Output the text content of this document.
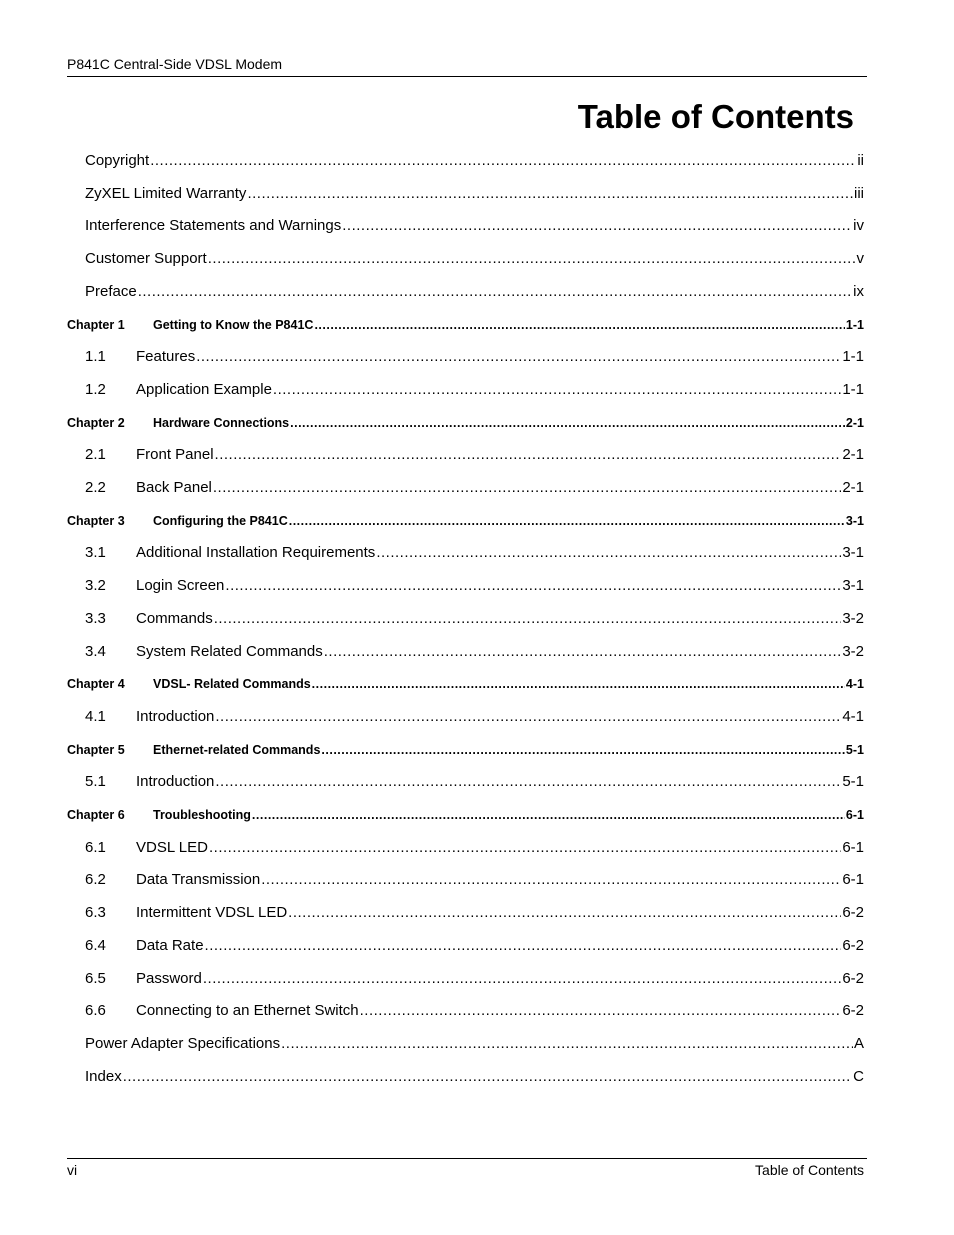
P841C Central-Side VDSL Modem
Table of Contents
Copyright .....	ii
ZyXEL Limited Warranty .....	iii
Interference Statements and Warnings .....	iv
Customer Support .....	v
Preface .....	ix
Chapter 1 Getting to Know the P841C .....	1-1
1.1 Features .....	1-1
1.2 Application Example .....	1-1
Chapter 2 Hardware Connections .....	2-1
2.1 Front Panel .....	2-1
2.2 Back Panel .....	2-1
Chapter 3 Configuring the P841C .....	3-1
3.1 Additional Installation Requirements .....	3-1
3.2 Login Screen .....	3-1
3.3 Commands .....	3-2
3.4 System Related Commands .....	3-2
Chapter 4 VDSL- Related Commands .....	4-1
4.1 Introduction .....	4-1
Chapter 5 Ethernet-related Commands .....	5-1
5.1 Introduction .....	5-1
Chapter 6 Troubleshooting .....	6-1
6.1 VDSL LED .....	6-1
6.2 Data Transmission .....	6-1
6.3 Intermittent VDSL LED .....	6-2
6.4 Data Rate .....	6-2
6.5 Password .....	6-2
6.6 Connecting to an Ethernet Switch .....	6-2
Power Adapter Specifications .....	A
Index .....	C
vi	Table of Contents
